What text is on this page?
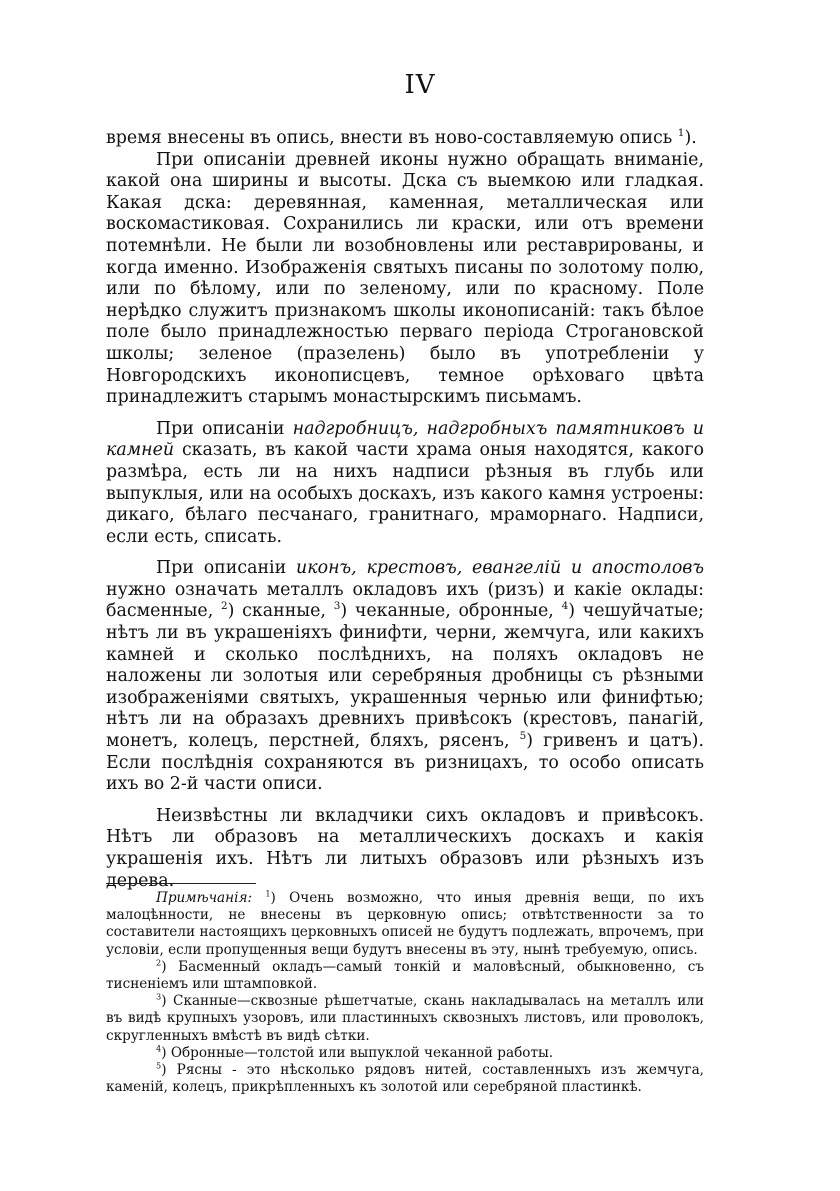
IV

время внесены въ опись, внести въ ново-составляемую опись $^1$).

При описанiи древней иконы нужно обращать вниманiе, какой она ширины и высоты. Дска съ выемкою или гладкая. Какая дска: деревянная, каменная, металлическая или воскомастиковая. Сохранились ли краски, или отъ времени потемнѣли. Не были ли возобновлены или реставрированы, и когда именно. Изображенiя святыхъ писаны по золотому полю, или по бѣлому, или по зеленому, или по красному. Поле нерѣдко служитъ признакомъ школы иконописанiй: такъ бѣлое поле было принадлежностью перваго перiода Строгановской школы; зеленое (празелень) было въ употребленiи у Новгородскихъ иконописцевъ, темное орѣховаго цвѣта принадлежитъ старымъ монастырскимъ письмамъ.

При описанiи надгробницъ, надгробныхъ памятниковъ и камней сказать, въ какой части храма оныя находятся, какого размѣра, есть ли на нихъ надписи рѣзныя въ глубь или выпуклыя, или на особыхъ доскахъ, изъ какого камня устроены: дикаго, бѣлаго песчанаго, гранитнаго, мраморнаго. Надписи, если есть, списать.

При описанiи иконъ, крестовъ, евангелiй и апостоловъ нужно означать металлъ окладовъ ихъ (ризъ) и какiе оклады: басменные, $^2$) сканные, $^3$) чеканные, обронные, $^4$) чешуйчатые; нѣтъ ли въ украшенiяхъ финифти, черни, жемчуга, или какихъ камней и сколько послѣднихъ, на поляхъ окладовъ не наложены ли золотыя или серебряныя дробницы съ рѣзными изображенiями святыхъ, украшенныя чернью или финифтью; нѣтъ ли на образахъ древнихъ привѣсокъ (крестовъ, панагiй, монетъ, колецъ, перстней, бляхъ, рясенъ, $^5$) гривенъ и цатъ). Если послѣднiя сохраняются въ ризницахъ, то особо описать ихъ во 2-й части описи.

Неизвѣстны ли вкладчики сихъ окладовъ и привѣсокъ. Нѣтъ ли образовъ на металлическихъ доскахъ и какiя украшенiя ихъ. Нѣтъ ли литыхъ образовъ или рѣзныхъ изъ дерева.

Примѣчанiя: $^1$) Очень возможно, что иныя древнiя вещи, по ихъ малоцѣнности, не внесены въ церковную опись; отвѣтственности за то составители настоящихъ церковныхъ описей не будутъ подлежать, впрочемъ, при условiи, если пропущенныя вещи будутъ внесены въ эту, нынѣ требуемую, опись.

$^2$) Басменный окладъ—самый тонкiй и маловѣсный, обыкновенно, съ тисненiемъ или штамповкой.

$^3$) Сканные—сквозные рѣшетчатые, скань накладывалась на металлъ или въ видѣ крупныхъ узоровъ, или пластинныхъ сквозныхъ листовъ, или проволокъ, скругленныхъ вмѣстѣ въ видѣ сѣтки.

$^4$) Обронные—толстой или выпуклой чеканной работы.

$^5$) Рясны - это нѣсколько рядовъ нитей, составленныхъ изъ жемчуга, каменiй, колецъ, прикрѣпленныхъ къ золотой или серебряной пластинкѣ.
